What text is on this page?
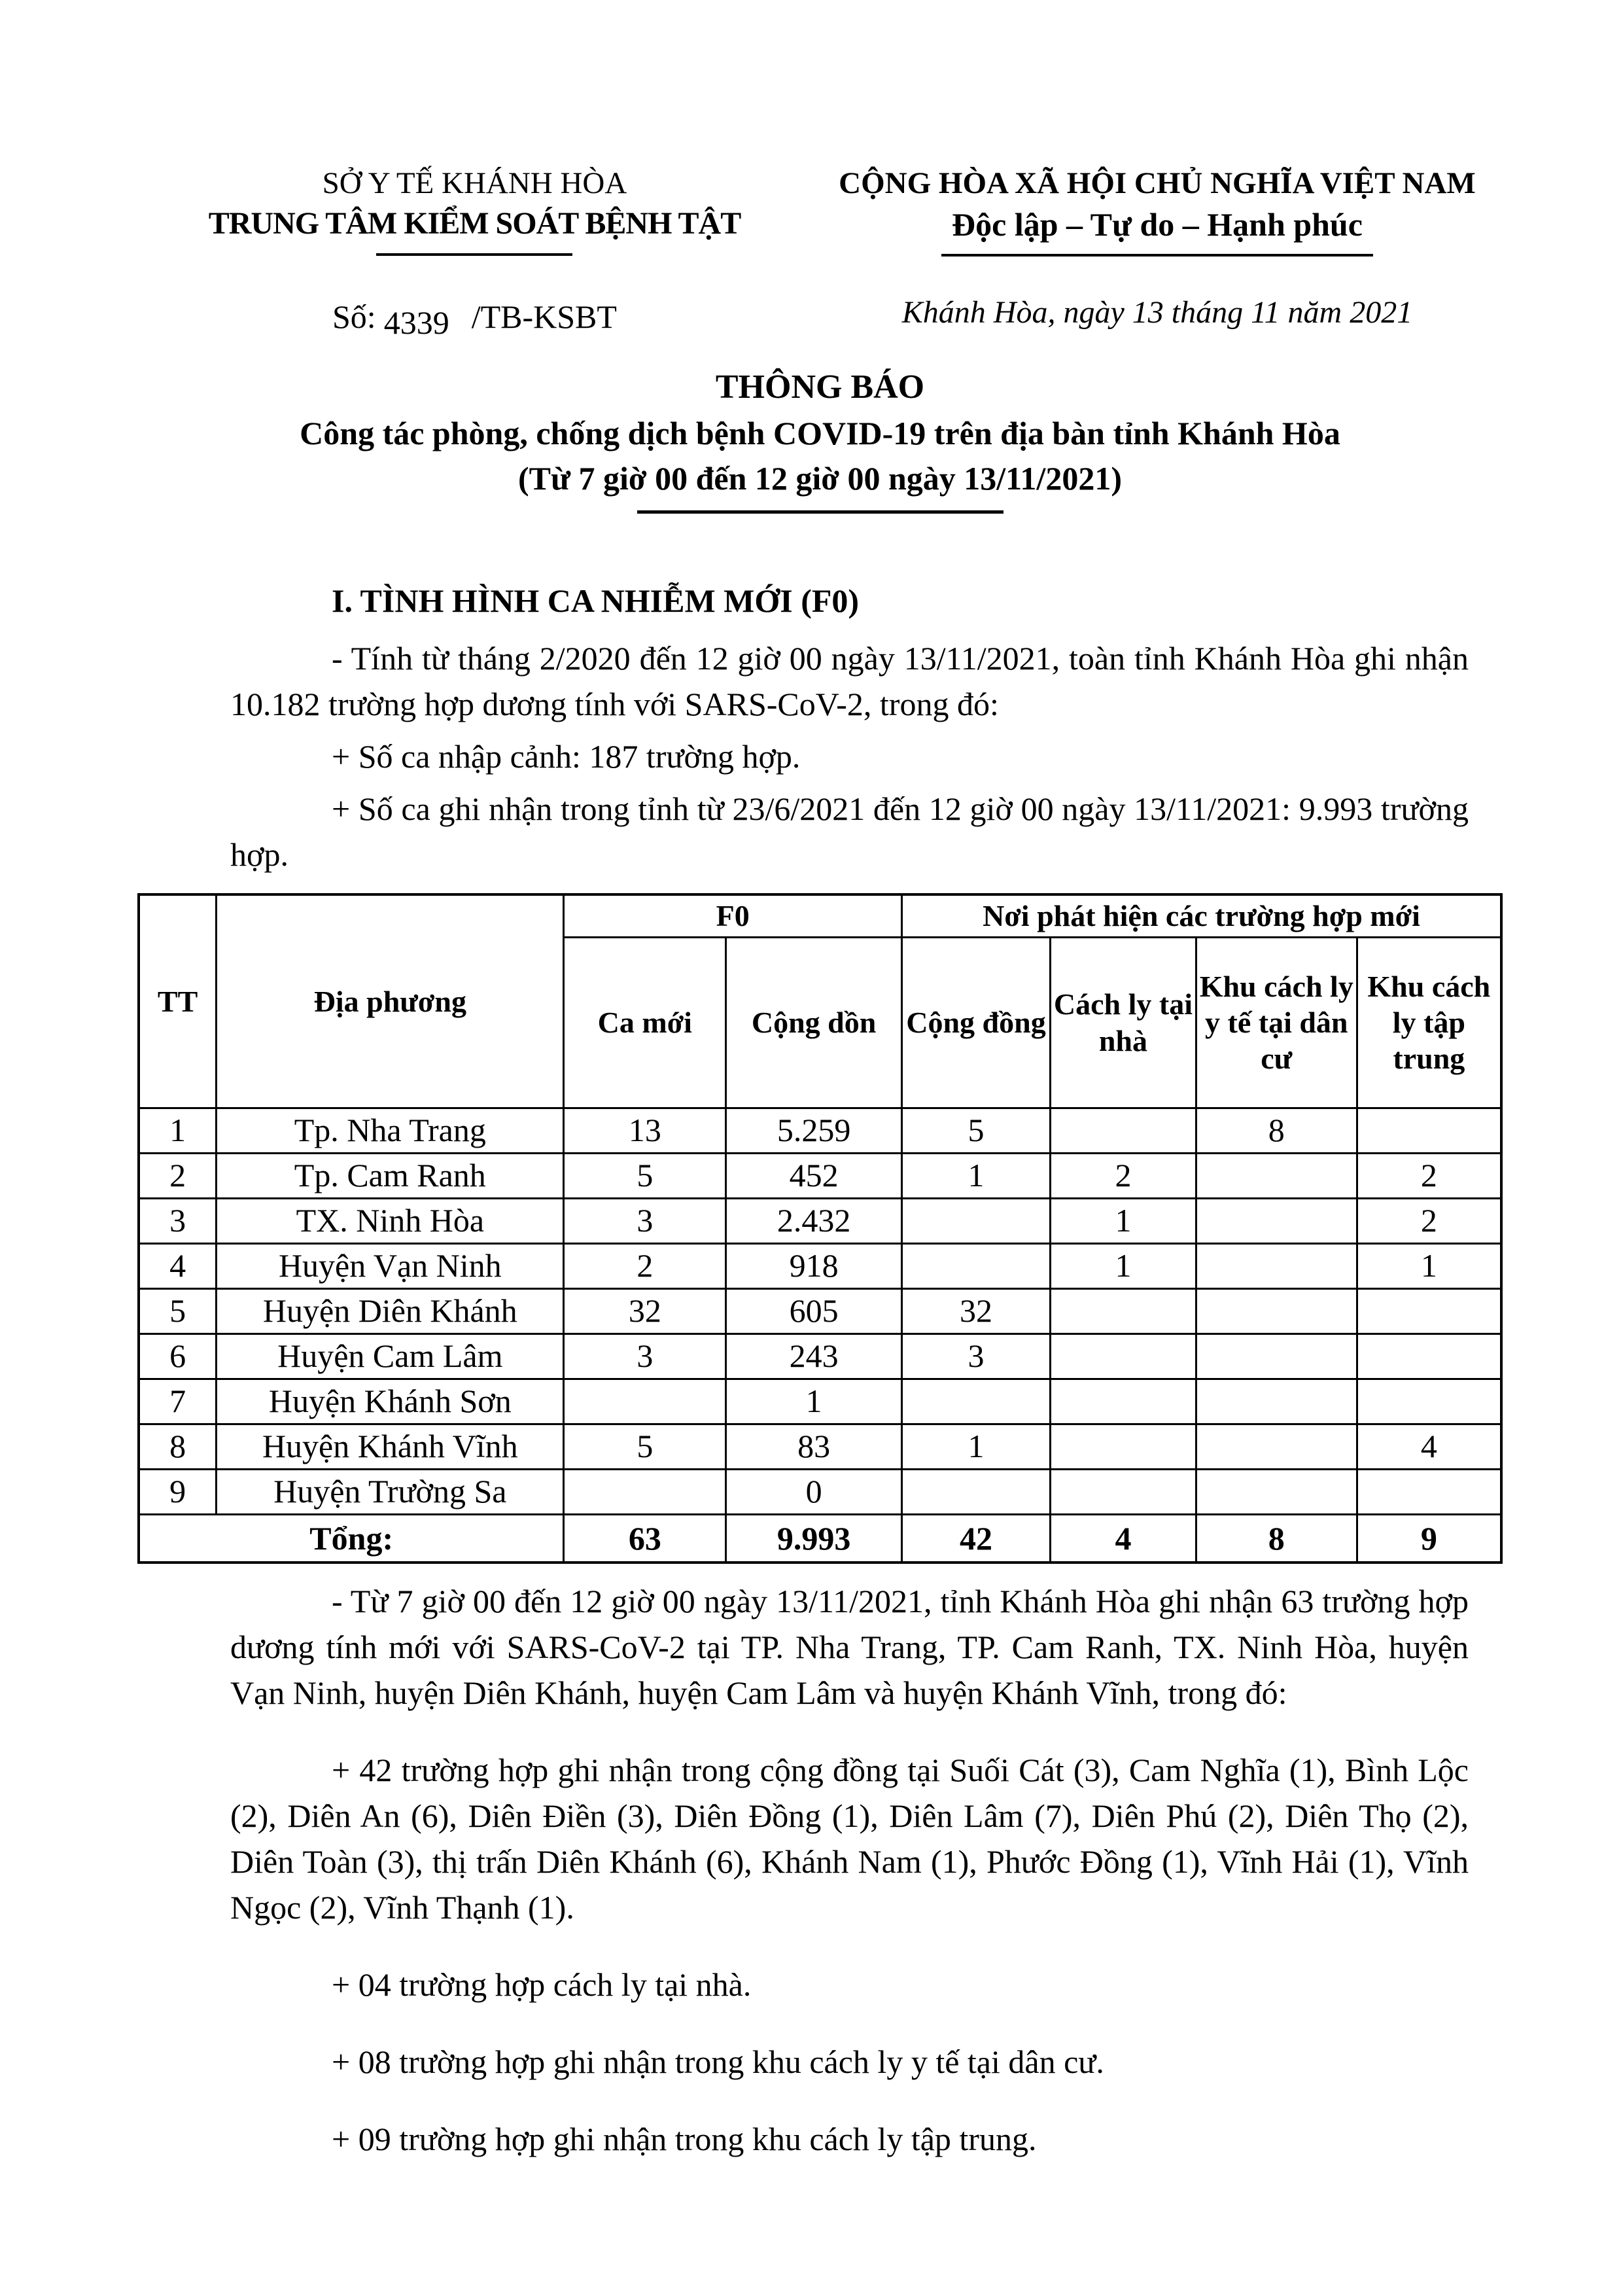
SỞ Y TẾ KHÁNH HÒA
TRUNG TÂM KIỂM SOÁT BỆNH TẬT
Số: 4339 /TB-KSBT
CỘNG HÒA XÃ HỘI CHỦ NGHĨA VIỆT NAM
Độc lập – Tự do – Hạnh phúc
Khánh Hòa, ngày 13 tháng 11 năm 2021
THÔNG BÁO
Công tác phòng, chống dịch bệnh COVID-19 trên địa bàn tỉnh Khánh Hòa
(Từ 7 giờ 00 đến 12 giờ 00 ngày 13/11/2021)
I. TÌNH HÌNH CA NHIỄM MỚI (F0)

- Tính từ tháng 2/2020 đến 12 giờ 00 ngày 13/11/2021, toàn tỉnh Khánh Hòa ghi nhận 10.182 trường hợp dương tính với SARS-CoV-2, trong đó:

+ Số ca nhập cảnh: 187 trường hợp.

+ Số ca ghi nhận trong tỉnh từ 23/6/2021 đến 12 giờ 00 ngày 13/11/2021: 9.993 trường hợp.

TT	Địa phương	F0		Nơi phát hiện các trường hợp mới			
		Ca mới	Cộng dồn	Cộng đồng	Cách ly tại nhà	Khu cách ly y tế tại dân cư	Khu cách ly tập trung
1	Tp. Nha Trang	13	5.259	5		8	
2	Tp. Cam Ranh	5	452	1	2		2
3	TX. Ninh Hòa	3	2.432		1		2
4	Huyện Vạn Ninh	2	918		1		1
5	Huyện Diên Khánh	32	605	32			
6	Huyện Cam Lâm	3	243	3			
7	Huyện Khánh Sơn		1				
8	Huyện Khánh Vĩnh	5	83	1			4
9	Huyện Trường Sa		0				
Tổng:		63	9.993	42	4	8	9

- Từ 7 giờ 00 đến 12 giờ 00 ngày 13/11/2021, tỉnh Khánh Hòa ghi nhận 63 trường hợp dương tính mới với SARS-CoV-2 tại TP. Nha Trang, TP. Cam Ranh, TX. Ninh Hòa, huyện Vạn Ninh, huyện Diên Khánh, huyện Cam Lâm và huyện Khánh Vĩnh, trong đó:

+ 42 trường hợp ghi nhận trong cộng đồng tại Suối Cát (3), Cam Nghĩa (1), Bình Lộc (2), Diên An (6), Diên Điền (3), Diên Đồng (1), Diên Lâm (7), Diên Phú (2), Diên Thọ (2), Diên Toàn (3), thị trấn Diên Khánh (6), Khánh Nam (1), Phước Đồng (1), Vĩnh Hải (1), Vĩnh Ngọc (2), Vĩnh Thạnh (1).

+ 04 trường hợp cách ly tại nhà.

+ 08 trường hợp ghi nhận trong khu cách ly y tế tại dân cư.

+ 09 trường hợp ghi nhận trong khu cách ly tập trung.
